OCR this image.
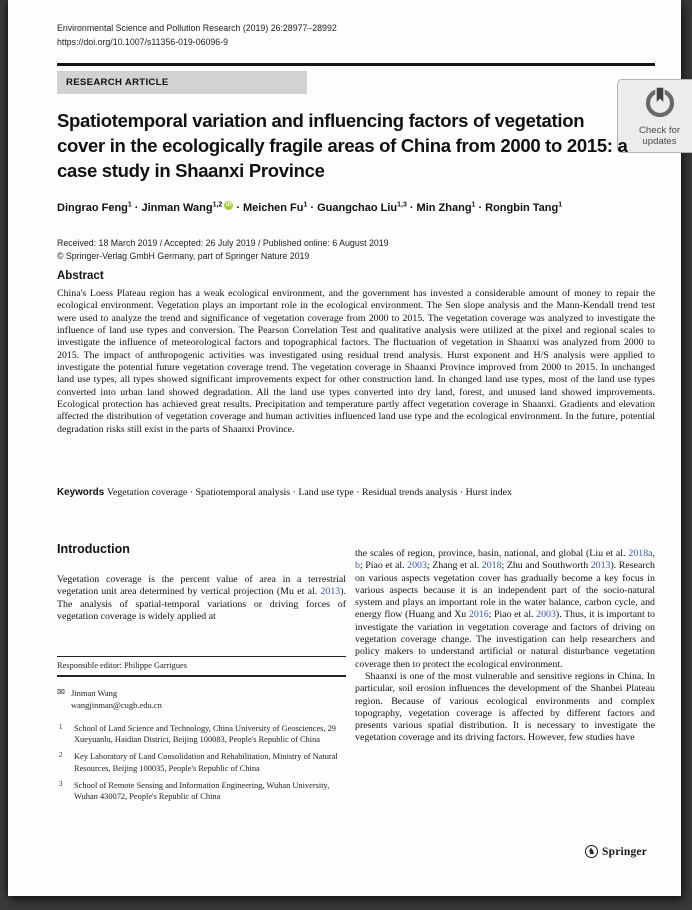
Environmental Science and Pollution Research (2019) 26:28977–28992
https://doi.org/10.1007/s11356-019-06096-9
RESEARCH ARTICLE
Check for
updates
Spatiotemporal variation and influencing factors of vegetation cover in the ecologically fragile areas of China from 2000 to 2015: a case study in Shaanxi Province
Dingrao Feng$^1$ · Jinman Wang$^{1,2}$ iD · Meichen $Fu^1$ · Guangchao Liu$^{1,3}$ · Min Zhang$^1$ · Rongbin Tang$^1$
Received: 18 March 2019 / Accepted: 26 July 2019 / Published online: 6 August 2019
© Springer-Verlag GmbH Germany, part of Springer Nature 2019
Abstract
China's Loess Plateau region has a weak ecological environment, and the government has invested a considerable amount of money to repair the ecological environment. Vegetation plays an important role in the ecological environment. The Sen slope analysis and the Mann-Kendall trend test were used to analyze the trend and significance of vegetation coverage from 2000 to 2015. The vegetation coverage was analyzed to investigate the influence of land use types and conversion. The Pearson Correlation Test and qualitative analysis were utilized at the pixel and regional scales to investigate the influence of meteorological factors and topographical factors. The fluctuation of vegetation in Shaanxi was analyzed from 2000 to 2015. The impact of anthropogenic activities was investigated using residual trend analysis. Hurst exponent and H/S analysis were applied to investigate the potential future vegetation coverage trend. The vegetation coverage in Shaanxi Province improved from 2000 to 2015. In unchanged land use types, all types showed significant improvements expect for other construction land. In changed land use types, most of the land use types converted into urban land showed degradation. All the land use types converted into dry land, forest, and unused land showed improvements. Ecological protection has achieved great results. Precipitation and temperature partly affect vegetation coverage in Shaanxi. Gradients and elevation affected the distribution of vegetation coverage and human activities influenced land use type and the ecological environment. In the future, potential degradation risks still exist in the parts of Shaanxi Province.
Keywords Vegetation coverage · Spatiotemporal analysis · Land use type · Residual trends analysis · Hurst index
Introduction
Vegetation coverage is the percent value of area in a terrestrial vegetation unit area determined by vertical projection (Mu et al. 2013). The analysis of spatial-temporal variations or driving forces of vegetation coverage is widely applied at
Responsible editor: Philippe Garrigues
✉ Jinman Wang
wangjinman@cugb.edu.cn
1 School of Land Science and Technology, China University of Geosciences, 29 Xueyuanlu, Haidian District, Beijing 100083, People's Republic of China
2 Key Laboratory of Land Consolidation and Rehabilitation, Ministry of Natural Resources, Beijing 100035, People's Republic of China
3 School of Remote Sensing and Information Engineering, Wuhan University, Wuhan 430072, People's Republic of China
the scales of region, province, basin, national, and global (Liu et al. 2018a, b; Piao et al. 2003; Zhang et al. 2018; Zhu and Southworth 2013). Research on various aspects vegetation cover has gradually become a key focus in various aspects because it is an independent part of the socio-natural system and plays an important role in the water balance, carbon cycle, and energy flow (Huang and Xu 2016; Piao et al. 2003). Thus, it is important to investigate the variation in vegetation coverage and factors of driving on vegetation coverage change. The investigation can help researchers and policy makers to understand artificial or natural disturbance vegetation coverage then to protect the ecological environment.
Shaanxi is one of the most vulnerable and sensitive regions in China. In particular, soil erosion influences the development of the Shanbei Plateau region. Because of various ecological environments and complex topography, vegetation coverage is affected by different factors and presents various spatial distribution. It is necessary to investigate the vegetation coverage and its driving factors. However, few studies have
♞ Springer
